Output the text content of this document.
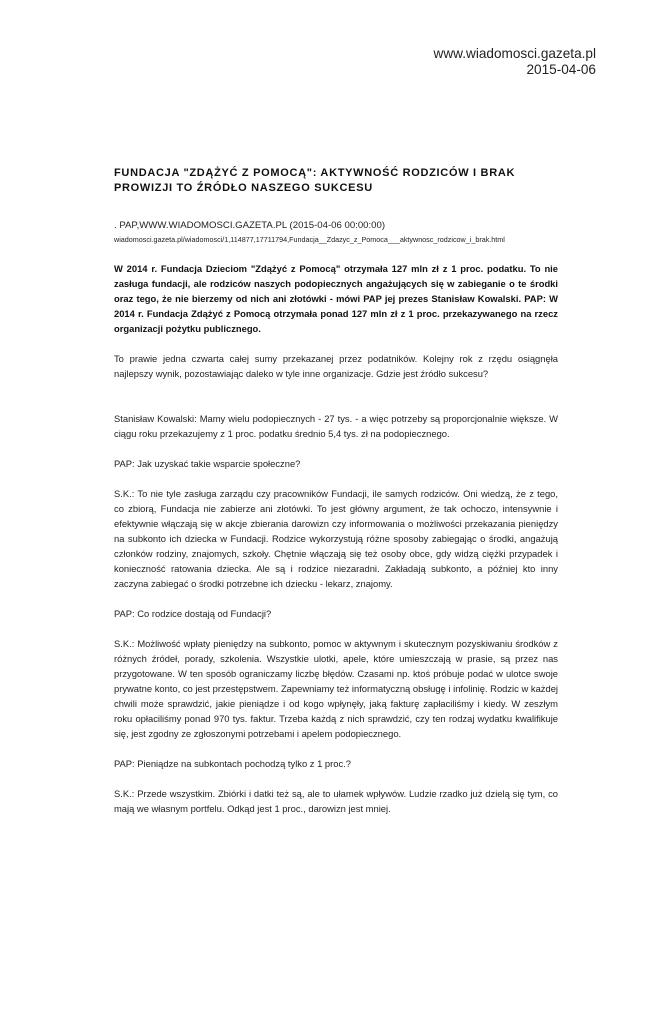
www.wiadomosci.gazeta.pl
2015-04-06
FUNDACJA "ZDĄŻYĆ Z POMOCĄ": AKTYWNOŚĆ RODZICÓW I BRAK PROWIZJI TO ŹRÓDŁO NASZEGO SUKCESU

. PAP,WWW.WIADOMOSCI.GAZETA.PL (2015-04-06 00:00:00)

wiadomosci.gazeta.pl/wiadomosci/1,114877,17711794,Fundacja__Zdazyc_z_Pomoca___aktywnosc_rodzicow_i_brak.html

W 2014 r. Fundacja Dzieciom "Zdążyć z Pomocą" otrzymała 127 mln zł z 1 proc. podatku. To nie zasługa fundacji, ale rodziców naszych podopiecznych angażujących się w zabieganie o te środki oraz tego, że nie bierzemy od nich ani złotówki - mówi PAP jej prezes Stanisław Kowalski. PAP: W 2014 r. Fundacja Zdążyć z Pomocą otrzymała ponad 127 mln zł z 1 proc. przekazywanego na rzecz organizacji pożytku publicznego.

To prawie jedna czwarta całej sumy przekazanej przez podatników. Kolejny rok z rzędu osiągnęła najlepszy wynik, pozostawiając daleko w tyle inne organizacje. Gdzie jest źródło sukcesu?

Stanisław Kowalski: Mamy wielu podopiecznych - 27 tys. - a więc potrzeby są proporcjonalnie większe. W ciągu roku przekazujemy z 1 proc. podatku średnio 5,4 tys. zł na podopiecznego.

PAP: Jak uzyskać takie wsparcie społeczne?

S.K.: To nie tyle zasługa zarządu czy pracowników Fundacji, ile samych rodziców. Oni wiedzą, że z tego, co zbiorą, Fundacja nie zabierze ani złotówki. To jest główny argument, że tak ochoczo, intensywnie i efektywnie włączają się w akcje zbierania darowizn czy informowania o możliwości przekazania pieniędzy na subkonto ich dziecka w Fundacji. Rodzice wykorzystują różne sposoby zabiegając o środki, angażują członków rodziny, znajomych, szkoły. Chętnie włączają się też osoby obce, gdy widzą ciężki przypadek i konieczność ratowania dziecka. Ale są i rodzice niezaradni. Zakładają subkonto, a później kto inny zaczyna zabiegać o środki potrzebne ich dziecku - lekarz, znajomy.

PAP: Co rodzice dostają od Fundacji?

S.K.: Możliwość wpłaty pieniędzy na subkonto, pomoc w aktywnym i skutecznym pozyskiwaniu środków z różnych źródeł, porady, szkolenia. Wszystkie ulotki, apele, które umieszczają w prasie, są przez nas przygotowane. W ten sposób ograniczamy liczbę błędów. Czasami np. ktoś próbuje podać w ulotce swoje prywatne konto, co jest przestępstwem. Zapewniamy też informatyczną obsługę i infolinię. Rodzic w każdej chwili może sprawdzić, jakie pieniądze i od kogo wpłynęły, jaką fakturę zapłaciliśmy i kiedy. W zeszłym roku opłaciliśmy ponad 970 tys. faktur. Trzeba każdą z nich sprawdzić, czy ten rodzaj wydatku kwalifikuje się, jest zgodny ze zgłoszonymi potrzebami i apelem podopiecznego.

PAP: Pieniądze na subkontach pochodzą tylko z 1 proc.?

S.K.: Przede wszystkim. Zbiórki i datki też są, ale to ułamek wpływów. Ludzie rzadko już dzielą się tym, co mają we własnym portfelu. Odkąd jest 1 proc., darowizn jest mniej.
